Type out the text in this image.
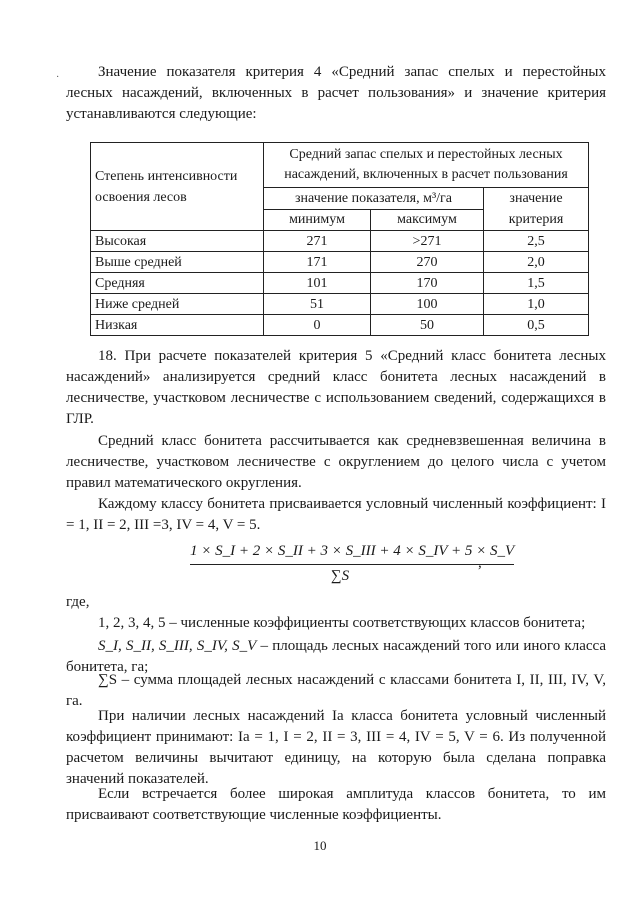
·	Значение показателя критерия 4 «Средний запас спелых и перестойных лесных насаждений, включенных в расчет пользования» и значение критерия устанавливаются следующие:

Степень интенсивности освоения лесов	Средний запас спелых и перестойных лесных насаждений, включенных в расчет пользования		
	значение показателя, м³/га		значение критерия
	минимум	максимум	
Высокая	271	>271	2,5
Выше средней	171	270	2,0
Средняя	101	170	1,5
Ниже средней	51	100	1,0
Низкая	0	50	0,5

18. При расчете показателей критерия 5 «Средний класс бонитета лесных насаждений» анализируется средний класс бонитета лесных насаждений в лесничестве, участковом лесничестве с использованием сведений, содержащихся в ГЛР.

Средний класс бонитета рассчитывается как средневзвешенная величина в лесничестве, участковом лесничестве с округлением до целого числа с учетом правил математического округления.

Каждому классу бонитета присваивается условный численный коэффициент: I = 1, II = 2, III =3, IV = 4, V = 5.

1 × S_I + 2 × S_II + 3 × S_III + 4 × S_IV + 5 × S_V
∑S
,

где,

1, 2, 3, 4, 5 – численные коэффициенты соответствующих классов бонитета;

S_I, S_II, S_III, S_IV, S_V – площадь лесных насаждений того или иного класса бонитета, га;

∑S – сумма площадей лесных насаждений с классами бонитета I, II, III, IV, V, га.

При наличии лесных насаждений Ia класса бонитета условный численный коэффициент принимают: Ia = 1, I = 2, II = 3, III = 4, IV = 5, V = 6. Из полученной расчетом величины вычитают единицу, на которую была сделана поправка значений показателей.

Если встречается более широкая амплитуда классов бонитета, то им присваивают соответствующие численные коэффициенты.

10
